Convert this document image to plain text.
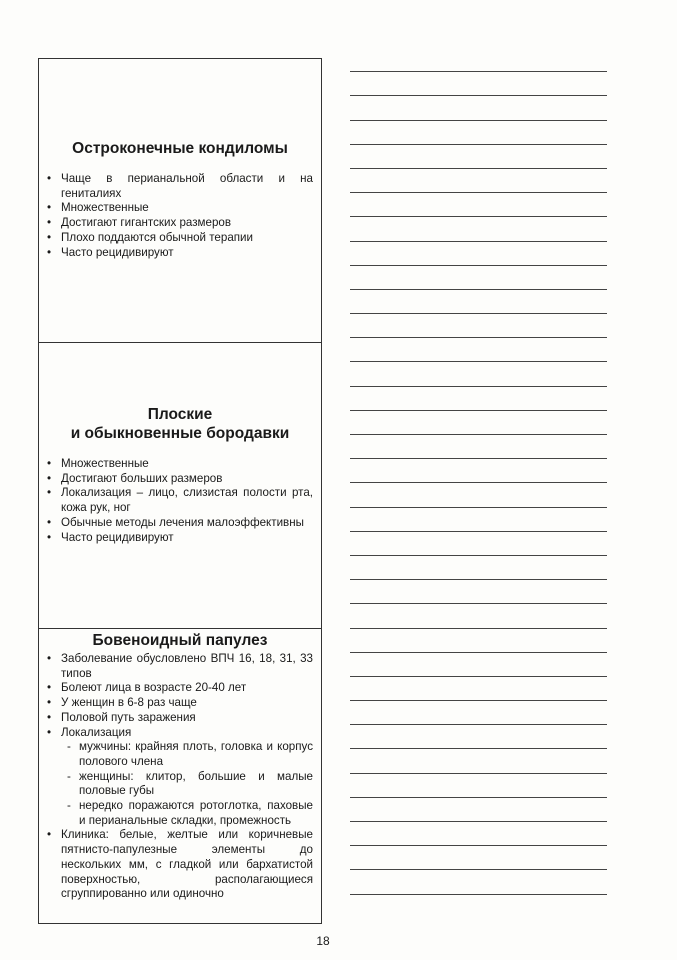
Остроконечные кондиломы
• Чаще в перианальной области и на гениталиях
• Множественные
• Достигают гигантских размеров
• Плохо поддаются обычной терапии
• Часто рецидивируют
Плоские
и обыкновенные бородавки
• Множественные
• Достигают больших размеров
• Локализация – лицо, слизистая полости рта, кожа рук, ног
• Обычные методы лечения малоэффективны
• Часто рецидивируют
Бовеноидный папулез
• Заболевание обусловлено ВПЧ 16, 18, 31, 33 типов
• Болеют лица в возрасте 20-40 лет
• У женщин в 6-8 раз чаще
• Половой путь заражения
• Локализация
- мужчины: крайняя плоть, головка и корпус полового члена
- женщины: клитор, большие и малые половые губы
- нередко поражаются ротоглотка, паховые и перианальные складки, промежность
• Клиника: белые, желтые или коричневые пятнисто-папулезные элементы до нескольких мм, с гладкой или бархатистой поверхностью, располагающиеся сгруппированно или одиночно
18
